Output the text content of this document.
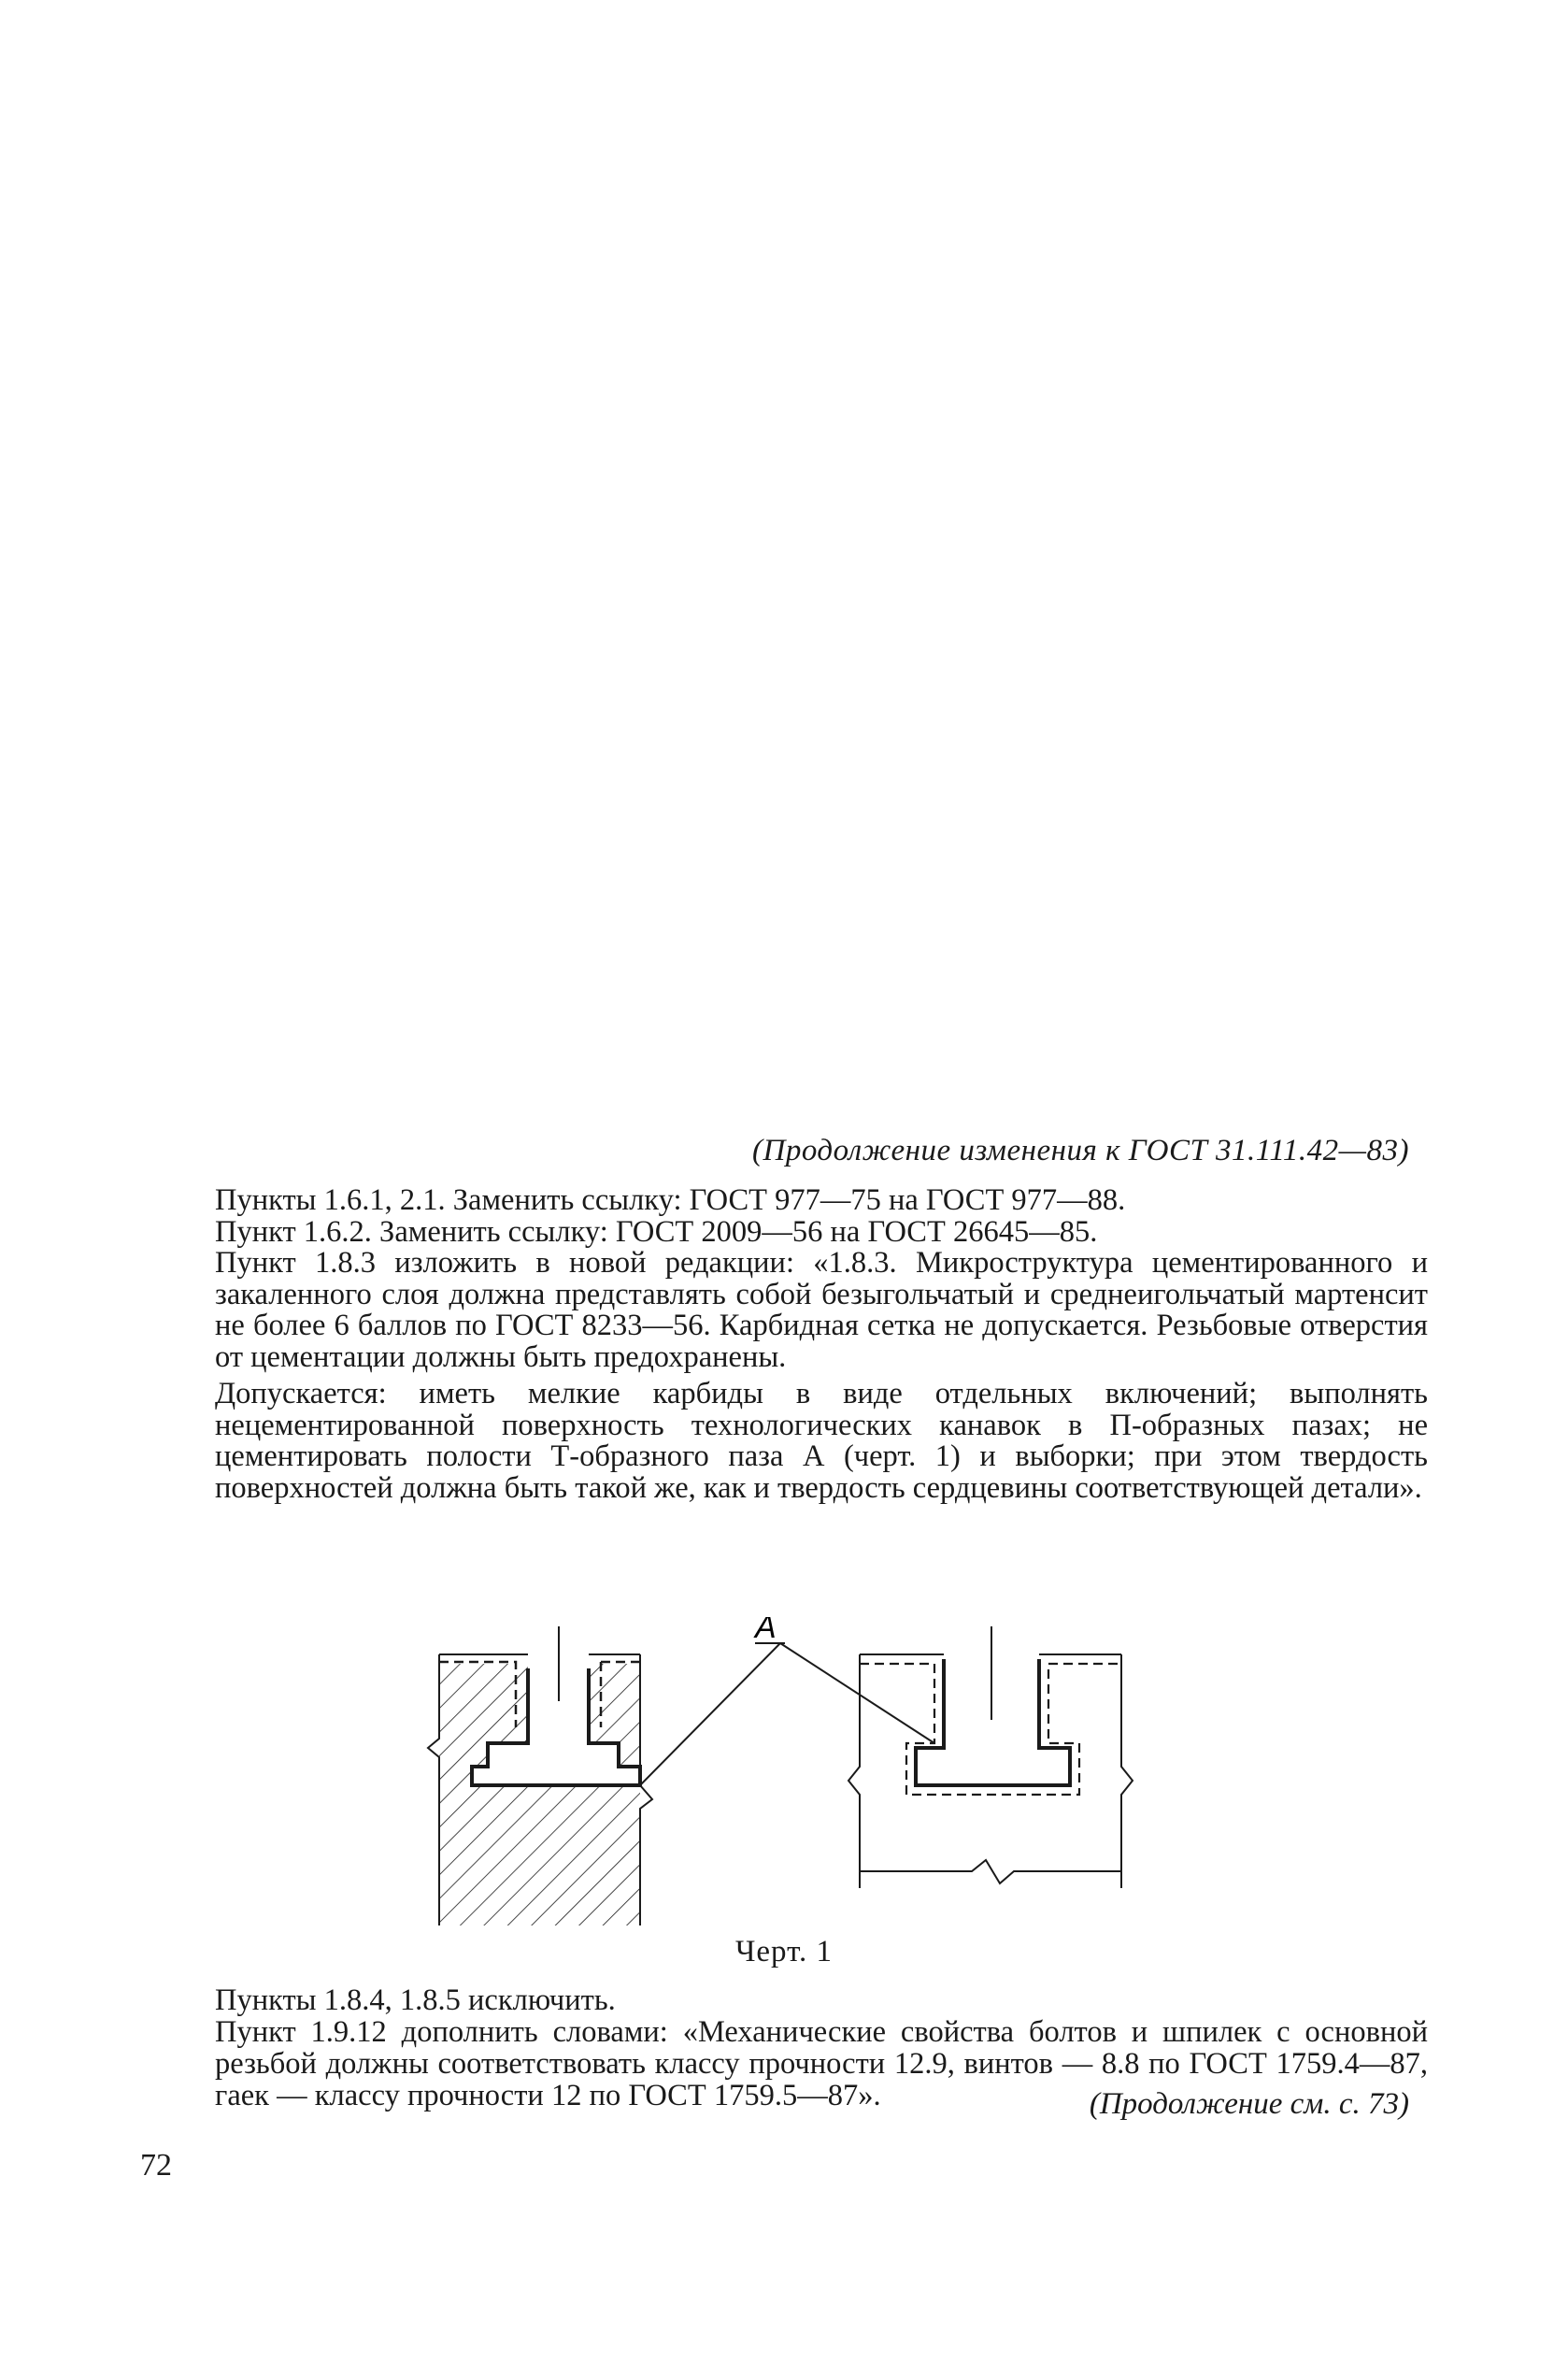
(Продолжение изменения к ГОСТ 31.111.42—83)

Пункты 1.6.1, 2.1. Заменить ссылку: ГОСТ 977—75 на ГОСТ 977—88.

Пункт 1.6.2. Заменить ссылку: ГОСТ 2009—56 на ГОСТ 26645—85.

Пункт 1.8.3 изложить в новой редакции: «1.8.3. Микроструктура цементированного и закаленного слоя должна представлять собой безыгольчатый и среднеигольчатый мартенсит не более 6 баллов по ГОСТ 8233—56. Карбидная сетка не допускается. Резьбовые отверстия от цементации должны быть предохранены.

Допускается: иметь мелкие карбиды в виде отдельных включений; выполнять нецементированной поверхность технологических канавок в П-образных пазах; не цементировать полости Т-образного паза А (черт. 1) и выборки; при этом твердость поверхностей должна быть такой же, как и твердость сердцевины соответствующей детали».

А
Черт. 1

Пункты 1.8.4, 1.8.5 исключить.

Пункт 1.9.12 дополнить словами: «Механические свойства болтов и шпилек с основной резьбой должны соответствовать классу прочности 12.9, винтов — 8.8 по ГОСТ 1759.4—87, гаек — классу прочности 12 по ГОСТ 1759.5—87».	(Продолжение см. с. 73)
72
